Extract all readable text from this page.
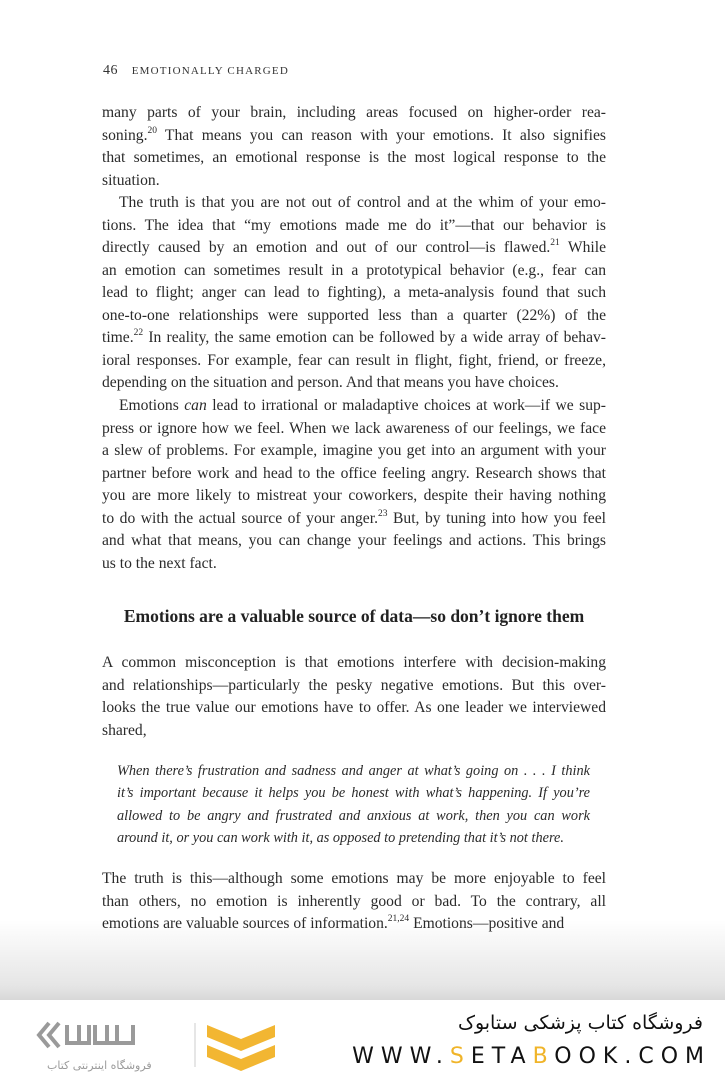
46 EMOTIONALLY CHARGED
many parts of your brain, including areas focused on higher-order rea-
soning.$^{20}$ That means you can reason with your emotions. It also signifies
that sometimes, an emotional response is the most logical response to the
situation.
The truth is that you are not out of control and at the whim of your emo-
tions. The idea that “my emotions made me do it”—that our behavior is
directly caused by an emotion and out of our control—is flawed.$^{21}$ While
an emotion can sometimes result in a prototypical behavior (e.g., fear can
lead to flight; anger can lead to fighting), a meta-analysis found that such
one-to-one relationships were supported less than a quarter (22%) of the
time.$^{22}$ In reality, the same emotion can be followed by a wide array of behav-
ioral responses. For example, fear can result in flight, fight, friend, or freeze,
depending on the situation and person. And that means you have choices.
Emotions can lead to irrational or maladaptive choices at work—if we sup-
press or ignore how we feel. When we lack awareness of our feelings, we face
a slew of problems. For example, imagine you get into an argument with your
partner before work and head to the office feeling angry. Research shows that
you are more likely to mistreat your coworkers, despite their having nothing
to do with the actual source of your anger.$^{23}$ But, by tuning into how you feel
and what that means, you can change your feelings and actions. This brings
us to the next fact.
Emotions are a valuable source of data—so don’t ignore them
A common misconception is that emotions interfere with decision-making
and relationships—particularly the pesky negative emotions. But this over-
looks the true value our emotions have to offer. As one leader we interviewed
shared,
When there’s frustration and sadness and anger at what’s going on . . . I think
it’s important because it helps you be honest with what’s happening. If you’re
allowed to be angry and frustrated and anxious at work, then you can work
around it, or you can work with it, as opposed to pretending that it’s not there.
The truth is this—although some emotions may be more enjoyable to feel
than others, no emotion is inherently good or bad. To the contrary, all
emotions are valuable sources of information.$^{21,24}$ Emotions—positive and
فروشگاه اینترنتی کتاب
فروشگاه کتاب پزشکی ستابوک
WWW.SETABOOK.COM
